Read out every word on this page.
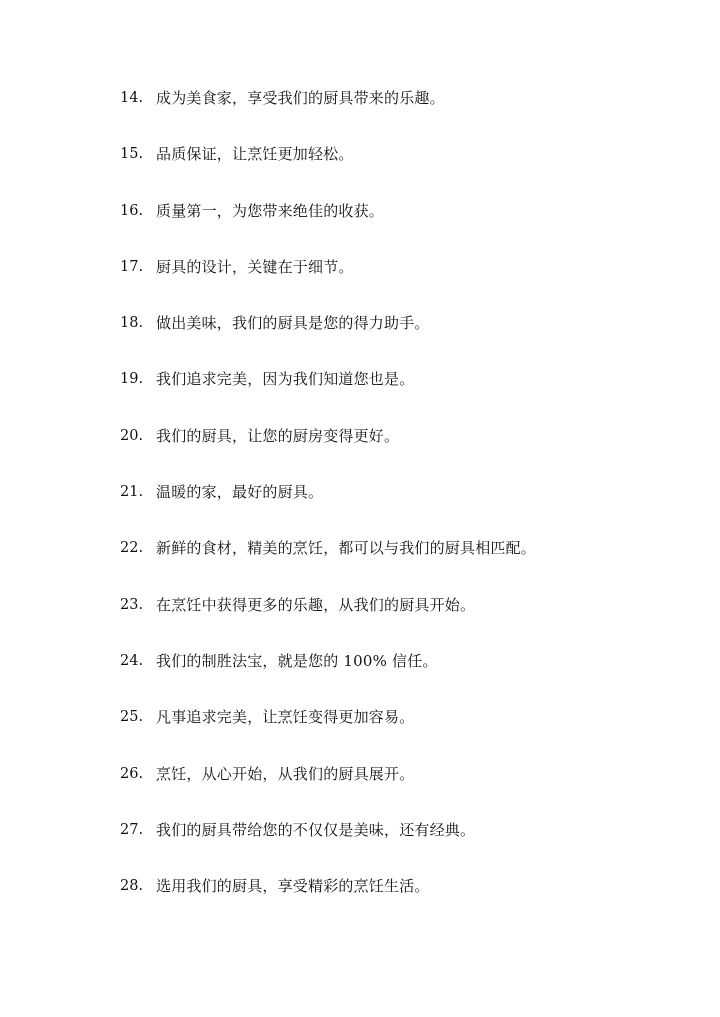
14. 成为美食家，享受我们的厨具带来的乐趣。
15. 品质保证，让烹饪更加轻松。
16. 质量第一，为您带来绝佳的收获。
17. 厨具的设计，关键在于细节。
18. 做出美味，我们的厨具是您的得力助手。
19. 我们追求完美，因为我们知道您也是。
20. 我们的厨具，让您的厨房变得更好。
21. 温暖的家，最好的厨具。
22. 新鲜的食材，精美的烹饪，都可以与我们的厨具相匹配。
23. 在烹饪中获得更多的乐趣，从我们的厨具开始。
24. 我们的制胜法宝，就是您的 100% 信任。
25. 凡事追求完美，让烹饪变得更加容易。
26. 烹饪，从心开始，从我们的厨具展开。
27. 我们的厨具带给您的不仅仅是美味，还有经典。
28. 选用我们的厨具，享受精彩的烹饪生活。
